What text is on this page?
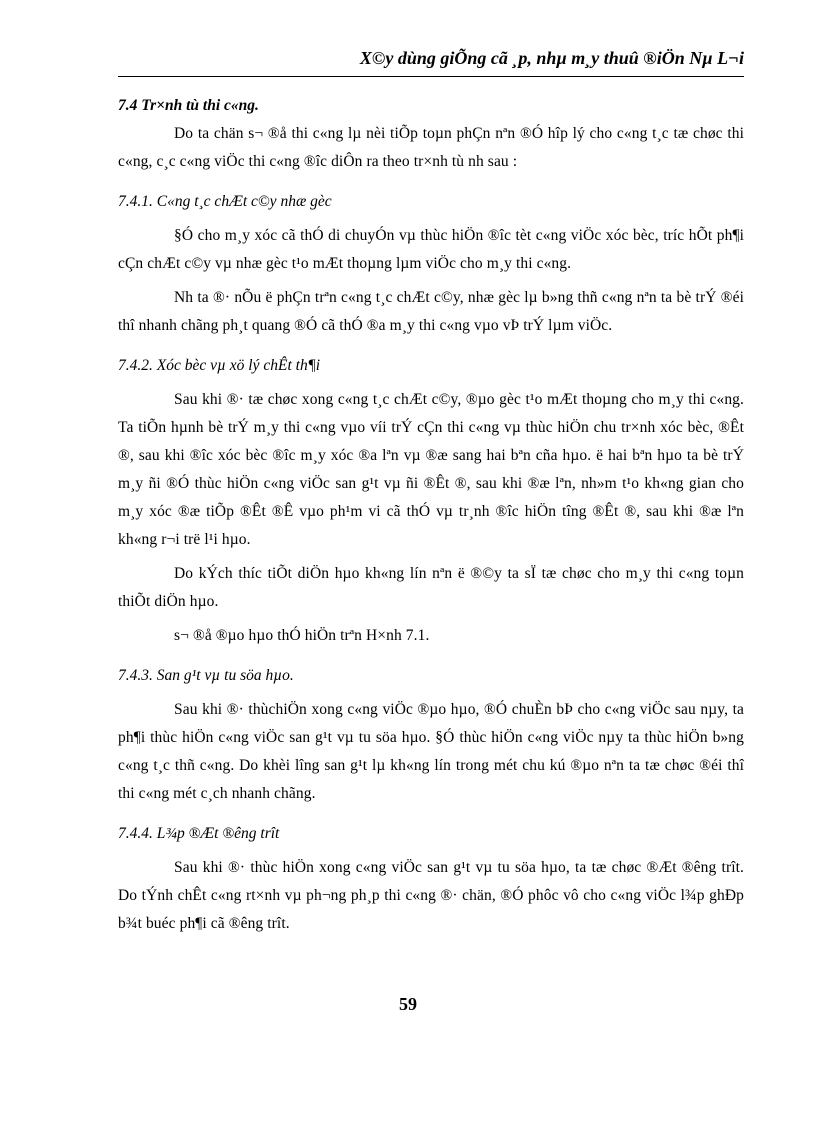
X©y dùng giÕng cã ¸p, nhµ m¸y thuû ®iÖn Nµ L¬i
7.4 Tr×nh tù thi c«ng.

Do ta chän s¬ ®å thi c«ng lµ nèi tiÕp toµn phÇn nªn ®Ó hîp lý cho c«ng t¸c tæ chøc thi c«ng, c¸c c«ng viÖc thi c«ng ®îc diÔn ra theo tr×nh tù nh sau :

7.4.1. C«ng t¸c chÆt c©y nhæ gèc

§Ó cho m¸y xóc cã thÓ di chuyÓn vµ thùc hiÖn ®îc tèt c«ng viÖc xóc bèc, tríc hÕt ph¶i cÇn chÆt c©y vµ nhæ gèc t¹o mÆt thoµng lµm viÖc cho m¸y thi c«ng.

Nh ta ®· nÕu ë phÇn trªn c«ng t¸c chÆt c©y, nhæ gèc lµ b»ng thñ c«ng nªn ta bè trÝ ®éi thî nhanh chãng ph¸t quang ®Ó cã thÓ ®a m¸y thi c«ng vµo vÞ trÝ lµm viÖc.

7.4.2. Xóc bèc vµ xö lý chÊt th¶i

Sau khi ®· tæ chøc xong c«ng t¸c chÆt c©y, ®µo gèc t¹o mÆt thoµng cho m¸y thi c«ng. Ta tiÕn hµnh bè trÝ m¸y thi c«ng vµo víi trÝ cÇn thi c«ng vµ thùc hiÖn chu tr×nh xóc bèc, ®Êt ®, sau khi ®îc xóc bèc ®îc m¸y xóc ®a lªn vµ ®æ sang hai bªn cña hµo. ë hai bªn hµo ta bè trÝ m¸y ñi ®Ó thùc hiÖn c«ng viÖc san g¹t vµ ñi ®Êt ®, sau khi ®æ lªn, nh»m t¹o kh«ng gian cho m¸y xóc ®æ tiÕp ®Êt ®Ê vµo ph¹m vi cã thÓ vµ tr¸nh ®îc hiÖn tîng ®Êt ®, sau khi ®æ lªn kh«ng r¬i trë l¹i hµo.

Do kÝch thíc tiÕt diÖn hµo kh«ng lín nªn ë ®©y ta sÏ tæ chøc cho m¸y thi c«ng toµn thiÕt diÖn hµo.

s¬ ®å ®µo hµo thÓ hiÖn trªn H×nh 7.1.

7.4.3. San g¹t vµ tu söa hµo.

Sau khi ®· thùchiÖn xong c«ng viÖc ®µo hµo, ®Ó chuÈn bÞ cho c«ng viÖc sau nµy, ta ph¶i thùc hiÖn c«ng viÖc san g¹t vµ tu söa hµo. §Ó thùc hiÖn c«ng viÖc nµy ta thùc hiÖn b»ng c«ng t¸c thñ c«ng. Do khèi lîng san g¹t lµ kh«ng lín trong mét chu kú ®µo nªn ta tæ chøc ®éi thî thi c«ng mét c¸ch nhanh chãng.

7.4.4. L¾p ®Æt ®êng trît

Sau khi ®· thùc hiÖn xong c«ng viÖc san g¹t vµ tu söa hµo, ta tæ chøc ®Æt ®êng trît. Do tÝnh chÊt c«ng rt×nh vµ ph¬ng ph¸p thi c«ng ®· chän, ®Ó phôc vô cho c«ng viÖc l¾p ghÐp b¾t buéc ph¶i cã ®êng trît.

59
